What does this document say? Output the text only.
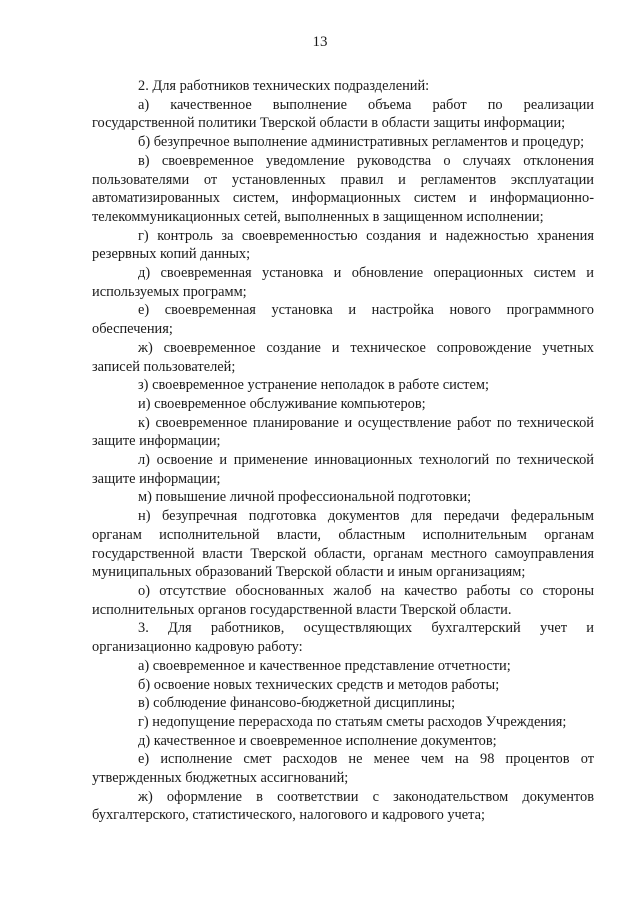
13

2. Для работников технических подразделений:

а) качественное выполнение объема работ по реализации государственной политики Тверской области в области защиты информации;

б) безупречное выполнение административных регламентов и процедур;

в) своевременное уведомление руководства о случаях отклонения пользователями от установленных правил и регламентов эксплуатации автоматизированных систем, информационных систем и информационно-телекоммуникационных сетей, выполненных в защищенном исполнении;

г) контроль за своевременностью создания и надежностью хранения резервных копий данных;

д) своевременная установка и обновление операционных систем и используемых программ;

е) своевременная установка и настройка нового программного обеспечения;

ж) своевременное создание и техническое сопровождение учетных записей пользователей;

з) своевременное устранение неполадок в работе систем;

и) своевременное обслуживание компьютеров;

к) своевременное планирование и осуществление работ по технической защите информации;

л) освоение и применение инновационных технологий по технической защите информации;

м) повышение личной профессиональной подготовки;

н) безупречная подготовка документов для передачи федеральным органам исполнительной власти, областным исполнительным органам государственной власти Тверской области, органам местного самоуправления муниципальных образований Тверской области и иным организациям;

о) отсутствие обоснованных жалоб на качество работы со стороны исполнительных органов государственной власти Тверской области.

3. Для работников, осуществляющих бухгалтерский учет и организационно кадровую работу:

а) своевременное и качественное представление отчетности;

б) освоение новых технических средств и методов работы;

в) соблюдение финансово-бюджетной дисциплины;

г) недопущение перерасхода по статьям сметы расходов Учреждения;

д) качественное и своевременное исполнение документов;

е) исполнение смет расходов не менее чем на 98 процентов от утвержденных бюджетных ассигнований;

ж) оформление в соответствии с законодательством документов бухгалтерского, статистического, налогового и кадрового учета;
